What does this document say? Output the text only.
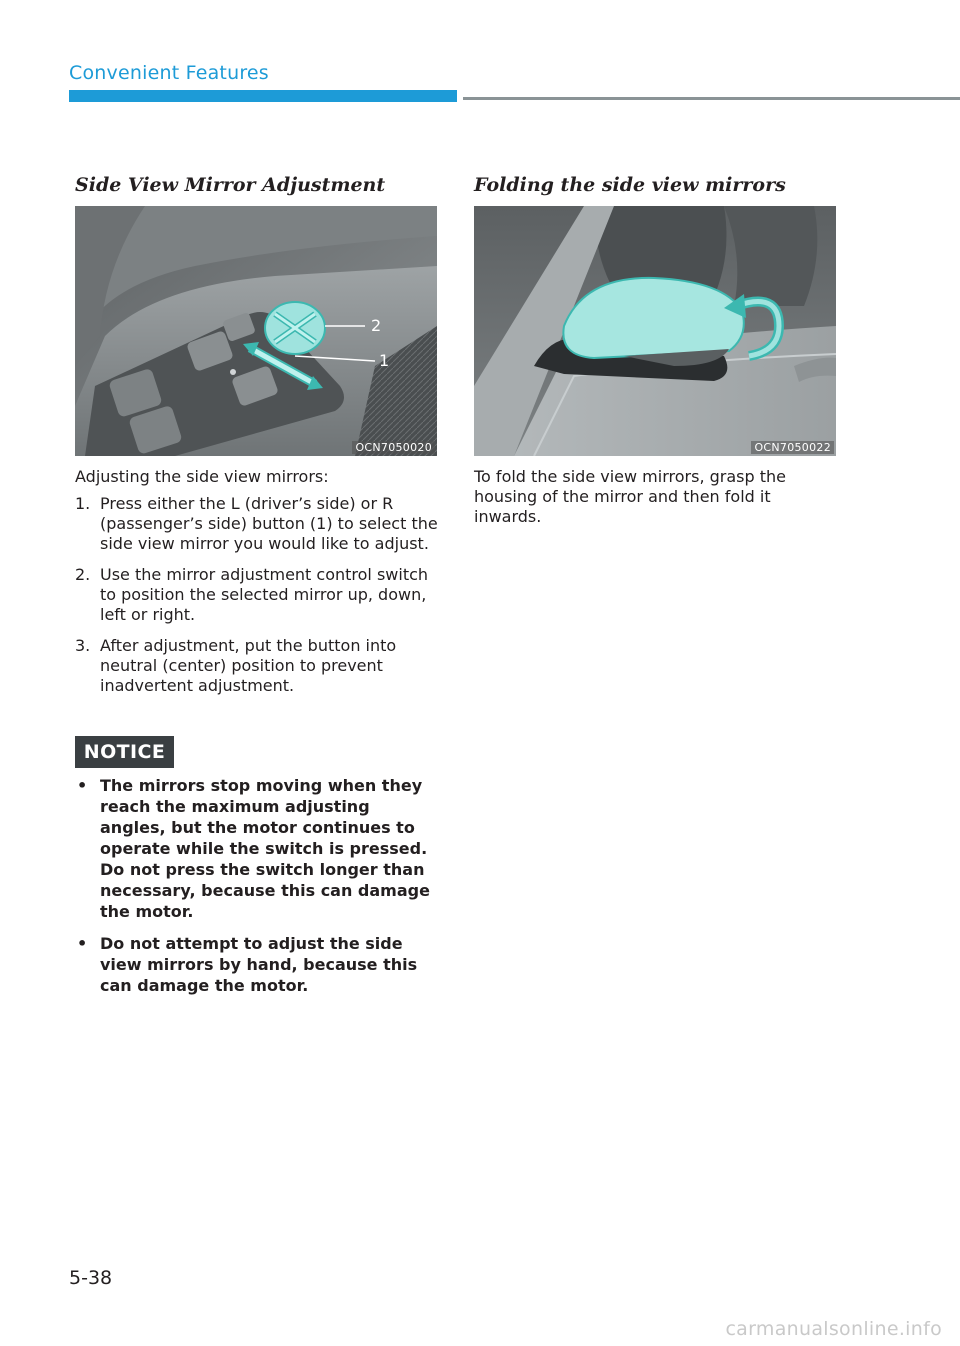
Convenient Features
Side View Mirror Adjustment
2
1
OCN7050020
Adjusting the side view mirrors:
1. Press either the L (driver’s side) or R (passenger’s side) button (1) to select the side view mirror you would like to adjust.
2. Use the mirror adjustment control switch to position the selected mirror up, down, left or right.
3. After adjustment, put the button into neutral (center) position to prevent inadvertent adjustment.
NOTICE
• The mirrors stop moving when they reach the maximum adjusting angles, but the motor continues to operate while the switch is pressed. Do not press the switch longer than necessary, because this can damage the motor.
• Do not attempt to adjust the side view mirrors by hand, because this can damage the motor.
Folding the side view mirrors
OCN7050022
To fold the side view mirrors, grasp the housing of the mirror and then fold it inwards.
5-38
carmanualsonline.info
